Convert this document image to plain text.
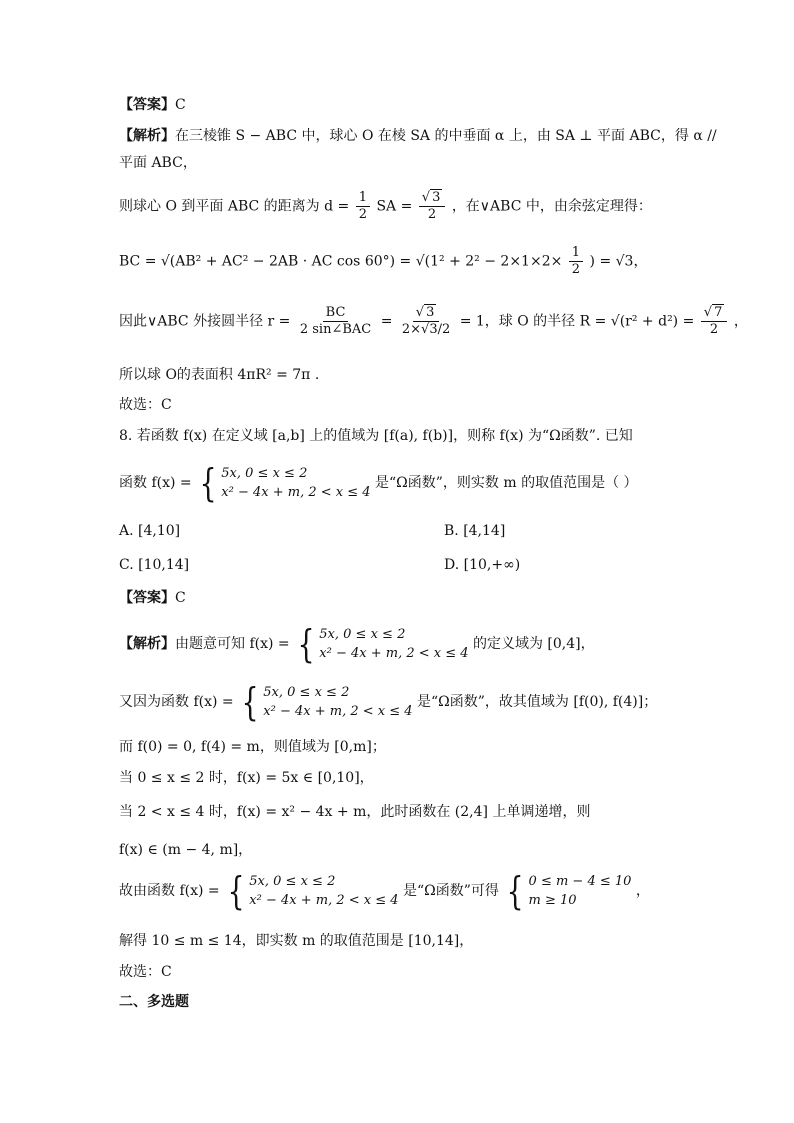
【答案】C
【解析】在三棱锥 S − ABC 中，球心 O 在棱 SA 的中垂面 α 上，由 SA ⊥ 平面 ABC，得 α //
平面 ABC，
则球心 O 到平面 ABC 的距离为 $d = \frac{1}{2}$ SA = $\frac{√ 3}{2}$ ，在∨ABC 中，由余弦定理得：
BC = √(AB² + AC² − 2AB · AC $\cos 60^\circ) = √(1^2 + 2^2 - 2\times 1\times 2\times \frac{1}{2}$ ) = √3，
因此∨ABC 外接圆半径 $r = \frac{BC}{\text{2 sin∠BAC}} = \frac{√ 3}{2\times√3/2} = 1$，球 O 的半径 $R = √(r^2 + d^2) = \frac{√ 7}{2}$ ，
所以球 O的表面积 4πR² = 7π .
故选：C
8. 若函数 f(x) 在定义域 [a,b] 上的值域为 [f(a), f(b)]，则称 f(x) 为“Ω函数”. 已知
函数 f(x) = { 5x, 0 ≤ x ≤ 2
x² − 4x + m, 2 < x ≤ 4
是“Ω函数”，则实数 m 的取值范围是（ ）
A. [4,10]	B. [4,14]
C. [10,14]	D. [10,+∞)
【答案】C
【解析】由题意可知 f(x) = { 5x, 0 ≤ x ≤ 2
x² − 4x + m, 2 < x ≤ 4
的定义域为 [0,4]，
又因为函数 f(x) = { 5x, 0 ≤ x ≤ 2
x² − 4x + m, 2 < x ≤ 4
是“Ω函数”，故其值域为 [f(0), f(4)]；
而 f(0) = 0, f(4) = m，则值域为 [0,m]；
当 0 ≤ x ≤ 2 时，f(x) = 5x ∈ [0,10]，
当 2 < x ≤ 4 时，f(x) = x² − 4x + m，此时函数在 (2,4] 上单调递增，则
f(x) ∈ (m − 4, m]，
故由函数 f(x) = { 5x, 0 ≤ x ≤ 2
x² − 4x + m, 2 < x ≤ 4
是“Ω函数”可得 { 0 ≤ m − 4 ≤ 10
m ≥ 10
，
解得 10 ≤ m ≤ 14，即实数 m 的取值范围是 [10,14]，
故选：C
二、多选题
